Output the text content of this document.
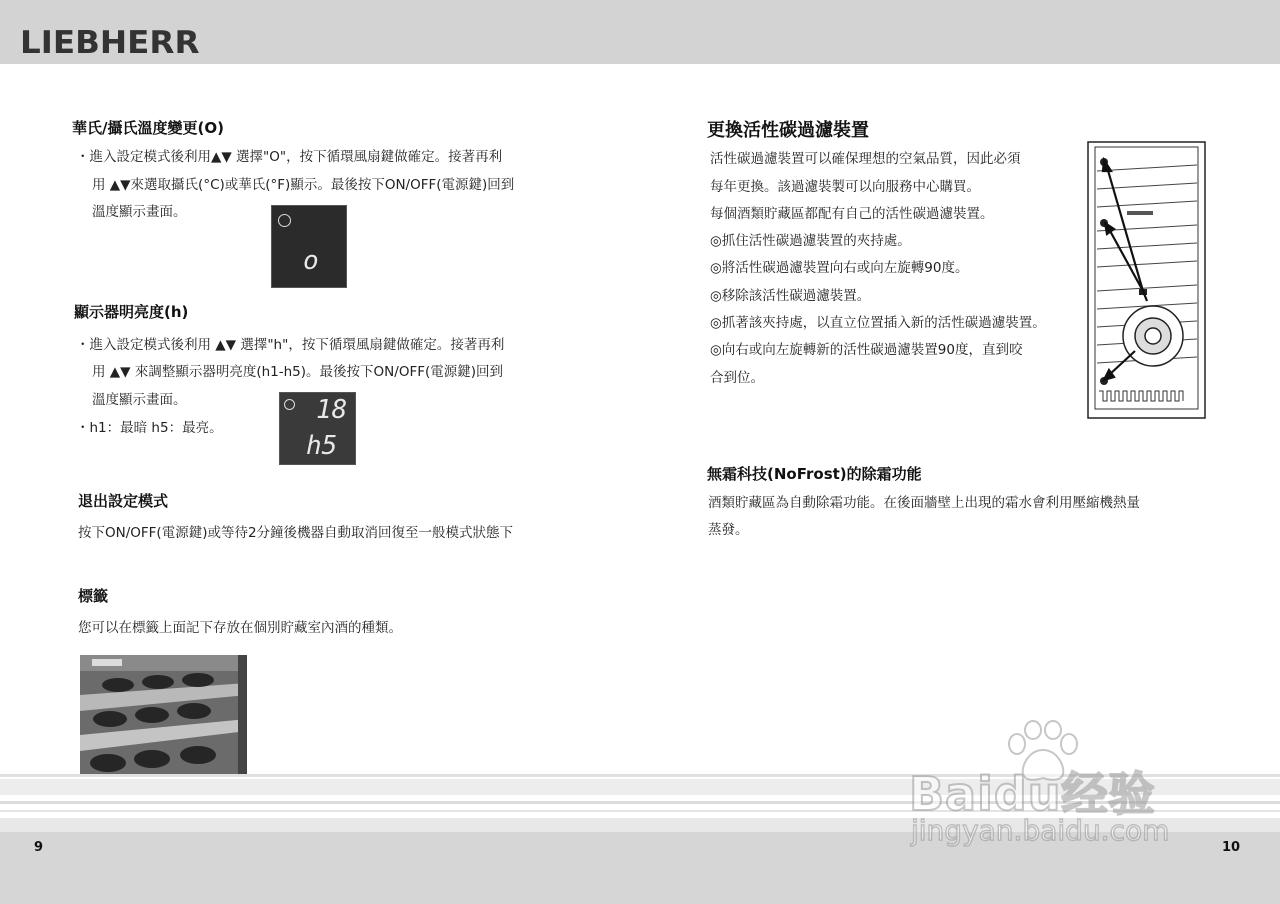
LIEBHERR
華氏/攝氏溫度變更(O)
・進入設定模式後利用▲▼ 選擇"O"，按下循環風扇鍵做確定。接著再利
用 ▲▼來選取攝氏(°C)或華氏(°F)顯示。最後按下ON/OFF(電源鍵)回到
溫度顯示畫面。
o
顯示器明亮度(h)
・進入設定模式後利用 ▲▼ 選擇"h"，按下循環風扇鍵做確定。接著再利
用 ▲▼ 來調整顯示器明亮度(h1-h5)。最後按下ON/OFF(電源鍵)回到
溫度顯示畫面。
・h1：最暗 h5：最亮。
18
h5
退出設定模式
按下ON/OFF(電源鍵)或等待2分鐘後機器自動取消回復至一般模式狀態下
標籤
您可以在標籤上面記下存放在個別貯藏室內酒的種類。
更換活性碳過濾裝置
活性碳過濾裝置可以確保理想的空氣品質，因此必須
每年更換。該過濾裝製可以向服務中心購買。
每個酒類貯藏區都配有自己的活性碳過濾裝置。
◎抓住活性碳過濾裝置的夾持處。
◎將活性碳過濾裝置向右或向左旋轉90度。
◎移除該活性碳過濾裝置。
◎抓著該夾持處，以直立位置插入新的活性碳過濾裝置。
◎向右或向左旋轉新的活性碳過濾裝置90度，直到咬
合到位。
無霜科技(NoFrost)的除霜功能
酒類貯藏區為自動除霜功能。在後面牆壁上出現的霜水會利用壓縮機熱量
蒸發。
9	10
Baidu经验
jingyan.baidu.com
